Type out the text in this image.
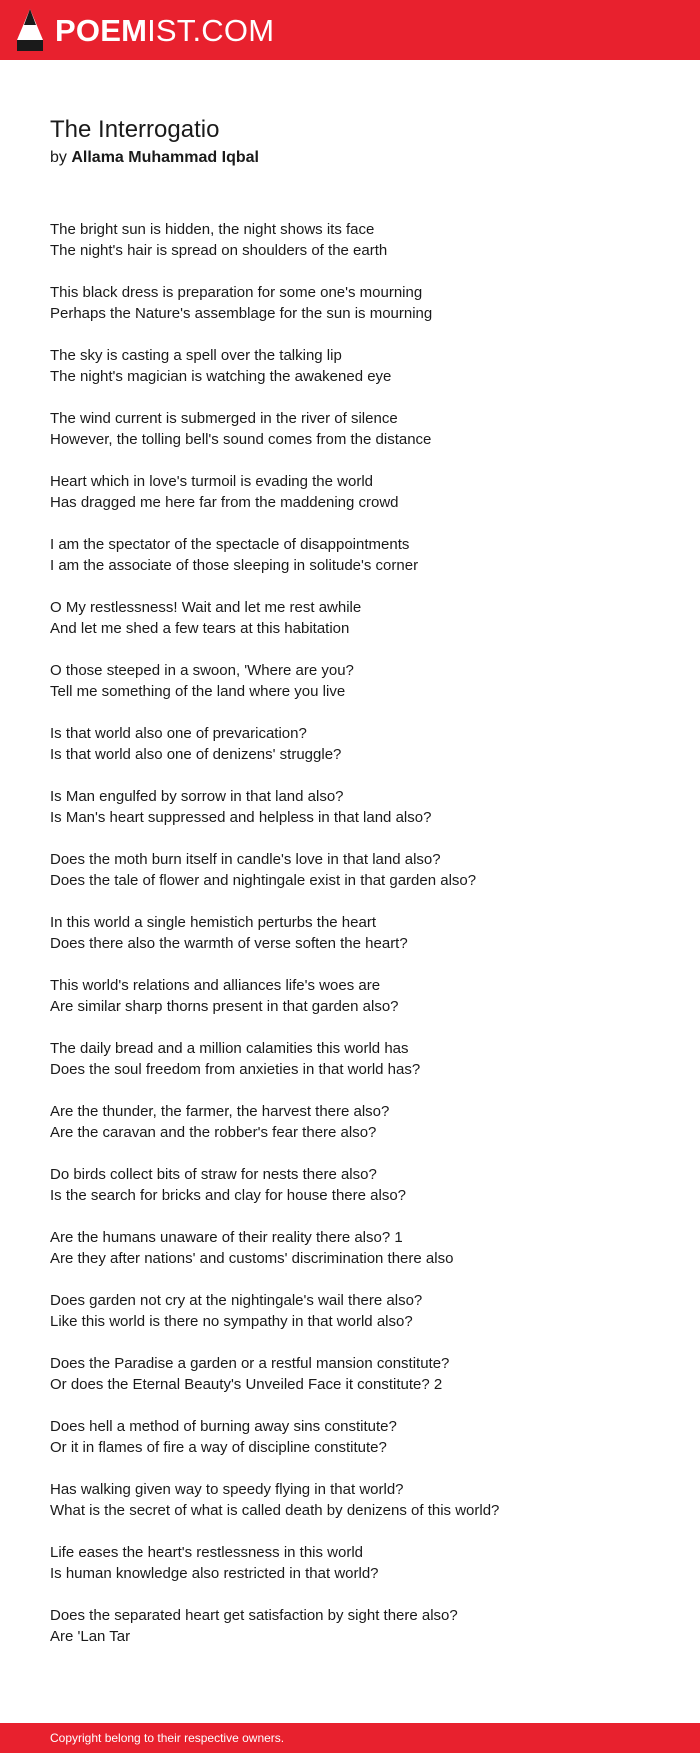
POEMIST.COM
The Interrogatio
by Allama Muhammad Iqbal
The bright sun is hidden, the night shows its face
The night's hair is spread on shoulders of the earth
This black dress is preparation for some one's mourning
Perhaps the Nature's assemblage for the sun is mourning
The sky is casting a spell over the talking lip
The night's magician is watching the awakened eye
The wind current is submerged in the river of silence
However, the tolling bell's sound comes from the distance
Heart which in love's turmoil is evading the world
Has dragged me here far from the maddening crowd
I am the spectator of the spectacle of disappointments
I am the associate of those sleeping in solitude's corner
O My restlessness! Wait and let me rest awhile
And let me shed a few tears at this habitation
O those steeped in a swoon, 'Where are you?
Tell me something of the land where you live
Is that world also one of prevarication?
Is that world also one of denizens' struggle?
Is Man engulfed by sorrow in that land also?
Is Man's heart suppressed and helpless in that land also?
Does the moth burn itself in candle's love in that land also?
Does the tale of flower and nightingale exist in that garden also?
In this world a single hemistich perturbs the heart
Does there also the warmth of verse soften the heart?
This world's relations and alliances life's woes are
Are similar sharp thorns present in that garden also?
The daily bread and a million calamities this world has
Does the soul freedom from anxieties in that world has?
Are the thunder, the farmer, the harvest there also?
Are the caravan and the robber's fear there also?
Do birds collect bits of straw for nests there also?
Is the search for bricks and clay for house there also?
Are the humans unaware of their reality there also? 1
Are they after nations' and customs' discrimination there also
Does garden not cry at the nightingale's wail there also?
Like this world is there no sympathy in that world also?
Does the Paradise a garden or a restful mansion constitute?
Or does the Eternal Beauty's Unveiled Face it constitute? 2
Does hell a method of burning away sins constitute?
Or it in flames of fire a way of discipline constitute?
Has walking given way to speedy flying in that world?
What is the secret of what is called death by denizens of this world?
Life eases the heart's restlessness in this world
Is human knowledge also restricted in that world?
Does the separated heart get satisfaction by sight there also?
Are 'Lan Tar
Copyright belong to their respective owners.
